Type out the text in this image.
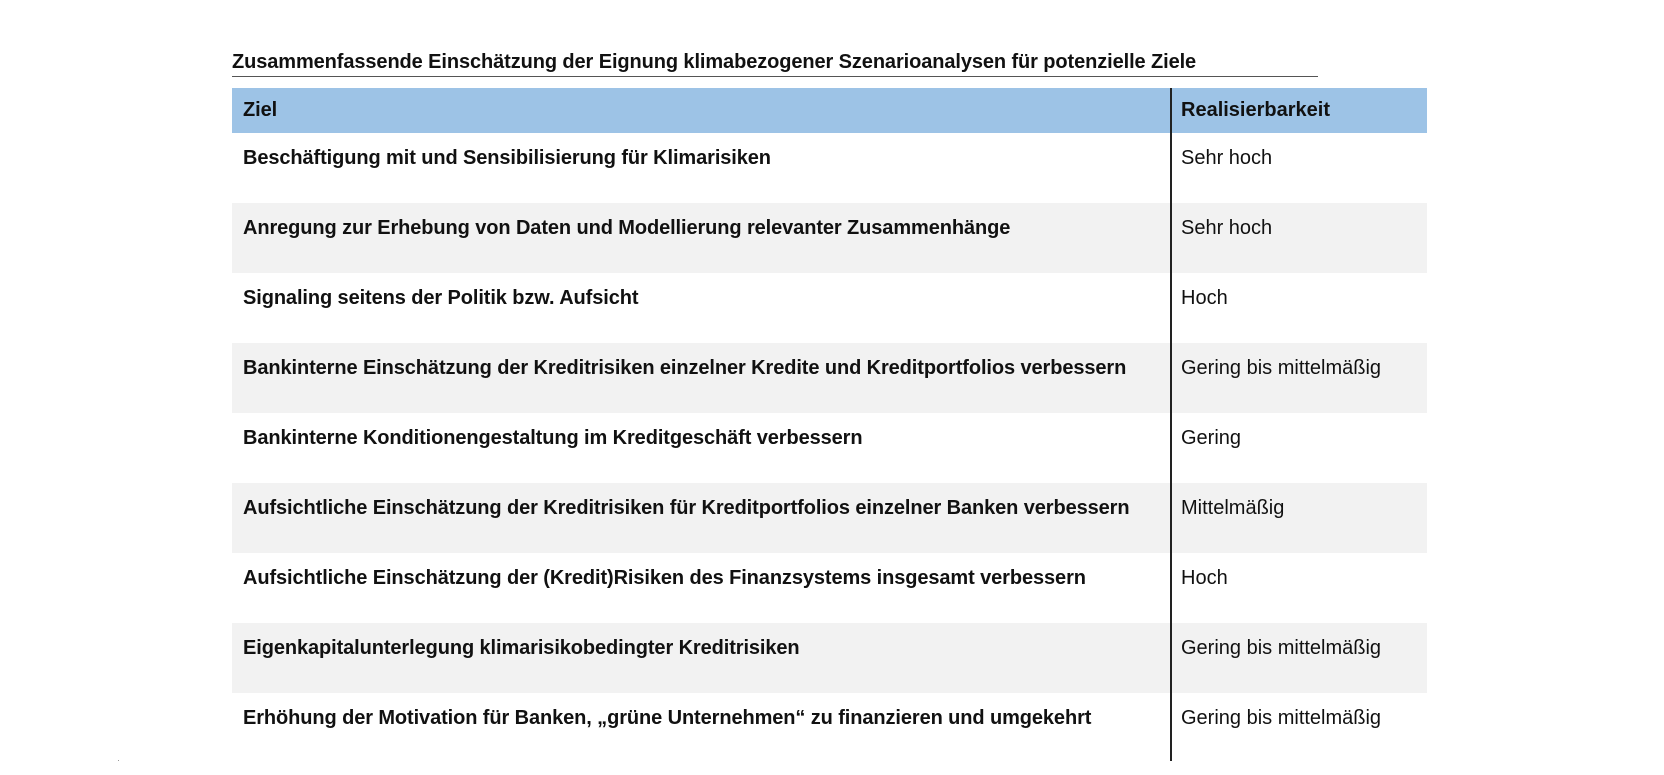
Zusammenfassende Einschätzung der Eignung klimabezogener Szenarioanalysen für potenzielle Ziele
Ziel	Realisierbarkeit
Beschäftigung mit und Sensibilisierung für Klimarisiken	Sehr hoch
Anregung zur Erhebung von Daten und Modellierung relevanter Zusammenhänge	Sehr hoch
Signaling seitens der Politik bzw. Aufsicht	Hoch
Bankinterne Einschätzung der Kreditrisiken einzelner Kredite und Kreditportfolios verbessern	Gering bis mittelmäßig
Bankinterne Konditionengestaltung im Kreditgeschäft verbessern	Gering
Aufsichtliche Einschätzung der Kreditrisiken für Kreditportfolios einzelner Banken verbessern	Mittelmäßig
Aufsichtliche Einschätzung der (Kredit)Risiken des Finanzsystems insgesamt verbessern	Hoch
Eigenkapitalunterlegung klimarisikobedingter Kreditrisiken	Gering bis mittelmäßig
Erhöhung der Motivation für Banken, „grüne Unternehmen“ zu finanzieren und umgekehrt	Gering bis mittelmäßig
